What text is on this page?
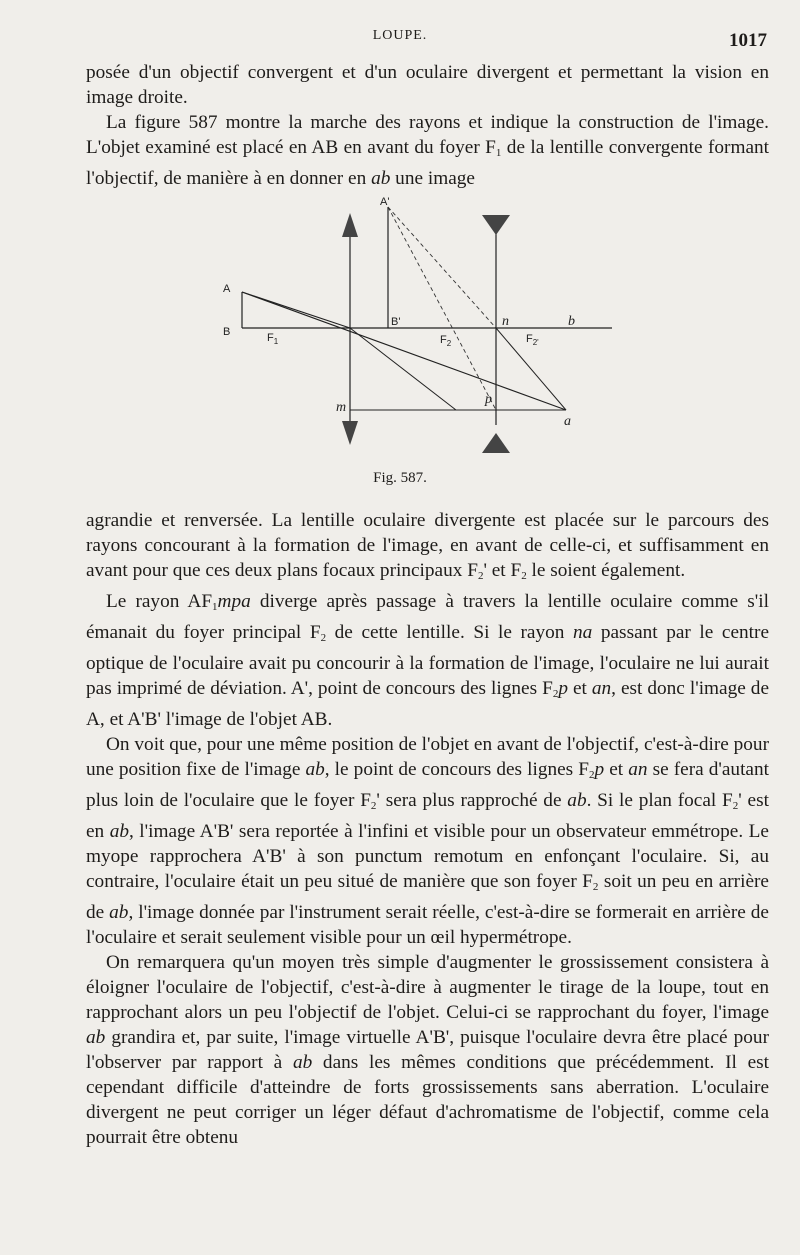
LOUPE.	1017

posée d'un objectif convergent et d'un oculaire divergent et permettant la vision en image droite.

La figure 587 montre la marche des rayons et indique la construction de l'image. L'objet examiné est placé en AB en avant du foyer $F_1$ de la lentille convergente formant l'objectif, de manière à en donner en ab une image

A
B
A'
B'
$F_1$	$F_2$	$F_{2'}$
n	b
m
p
a
Fig. 587.

agrandie et renversée. La lentille oculaire divergente est placée sur le parcours des rayons concourant à la formation de l'image, en avant de celle-ci, et suffisamment en avant pour que ces deux plans focaux principaux $F_2'$ et $F_2$ le soient également.

Le rayon $AF_1mpa$ diverge après passage à travers la lentille oculaire comme s'il émanait du foyer principal $F_2$ de cette lentille. Si le rayon na passant par le centre optique de l'oculaire avait pu concourir à la formation de l'image, l'oculaire ne lui aurait pas imprimé de déviation. A', point de concours des lignes $F_2p$ et an, est donc l'image de A, et A'B' l'image de l'objet AB.

On voit que, pour une même position de l'objet en avant de l'objectif, c'est-à-dire pour une position fixe de l'image ab, le point de concours des lignes $F_2p$ et an se fera d'autant plus loin de l'oculaire que le foyer $F_2'$ sera plus rapproché de ab. Si le plan focal $F_2'$ est en ab, l'image A'B' sera reportée à l'infini et visible pour un observateur emmétrope. Le myope rapprochera A'B' à son punctum remotum en enfonçant l'oculaire. Si, au contraire, l'oculaire était un peu situé de manière que son foyer $F_2$ soit un peu en arrière de ab, l'image donnée par l'instrument serait réelle, c'est-à-dire se formerait en arrière de l'oculaire et serait seulement visible pour un œil hypermétrope.

On remarquera qu'un moyen très simple d'augmenter le grossissement consistera à éloigner l'oculaire de l'objectif, c'est-à-dire à augmenter le tirage de la loupe, tout en rapprochant alors un peu l'objectif de l'objet. Celui-ci se rapprochant du foyer, l'image ab grandira et, par suite, l'image virtuelle A'B', puisque l'oculaire devra être placé pour l'observer par rapport à ab dans les mêmes conditions que précédemment. Il est cependant difficile d'atteindre de forts grossissements sans aberration. L'oculaire divergent ne peut corriger un léger défaut d'achromatisme de l'objectif, comme cela pourrait être obtenu
